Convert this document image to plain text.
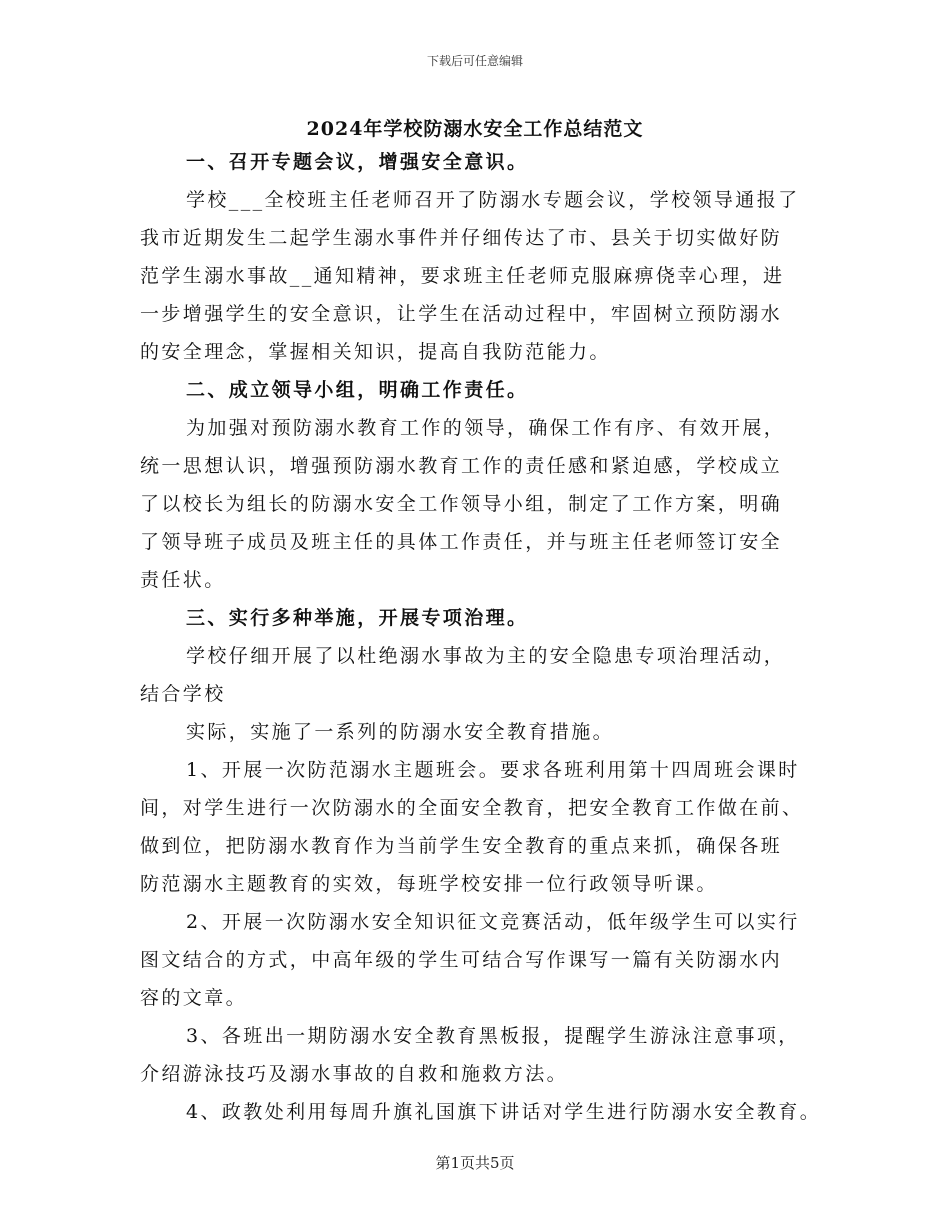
下载后可任意编辑
2024年学校防溺水安全工作总结范文
一、召开专题会议，增强安全意识。
学校___全校班主任老师召开了防溺水专题会议，学校领导通报了
我市近期发生二起学生溺水事件并仔细传达了市、县关于切实做好防
范学生溺水事故__通知精神，要求班主任老师克服麻痹侥幸心理，进
一步增强学生的安全意识，让学生在活动过程中，牢固树立预防溺水
的安全理念，掌握相关知识，提高自我防范能力。
二、成立领导小组，明确工作责任。
为加强对预防溺水教育工作的领导，确保工作有序、有效开展，
统一思想认识，增强预防溺水教育工作的责任感和紧迫感，学校成立
了以校长为组长的防溺水安全工作领导小组，制定了工作方案，明确
了领导班子成员及班主任的具体工作责任，并与班主任老师签订安全
责任状。
三、实行多种举施，开展专项治理。
学校仔细开展了以杜绝溺水事故为主的安全隐患专项治理活动，
结合学校
实际，实施了一系列的防溺水安全教育措施。
1、开展一次防范溺水主题班会。要求各班利用第十四周班会课时
间，对学生进行一次防溺水的全面安全教育，把安全教育工作做在前、
做到位，把防溺水教育作为当前学生安全教育的重点来抓，确保各班
防范溺水主题教育的实效，每班学校安排一位行政领导听课。
2、开展一次防溺水安全知识征文竞赛活动，低年级学生可以实行
图文结合的方式，中高年级的学生可结合写作课写一篇有关防溺水内
容的文章。
3、各班出一期防溺水安全教育黑板报，提醒学生游泳注意事项，
介绍游泳技巧及溺水事故的自救和施救方法。
4、政教处利用每周升旗礼国旗下讲话对学生进行防溺水安全教育。
第1页共5页
